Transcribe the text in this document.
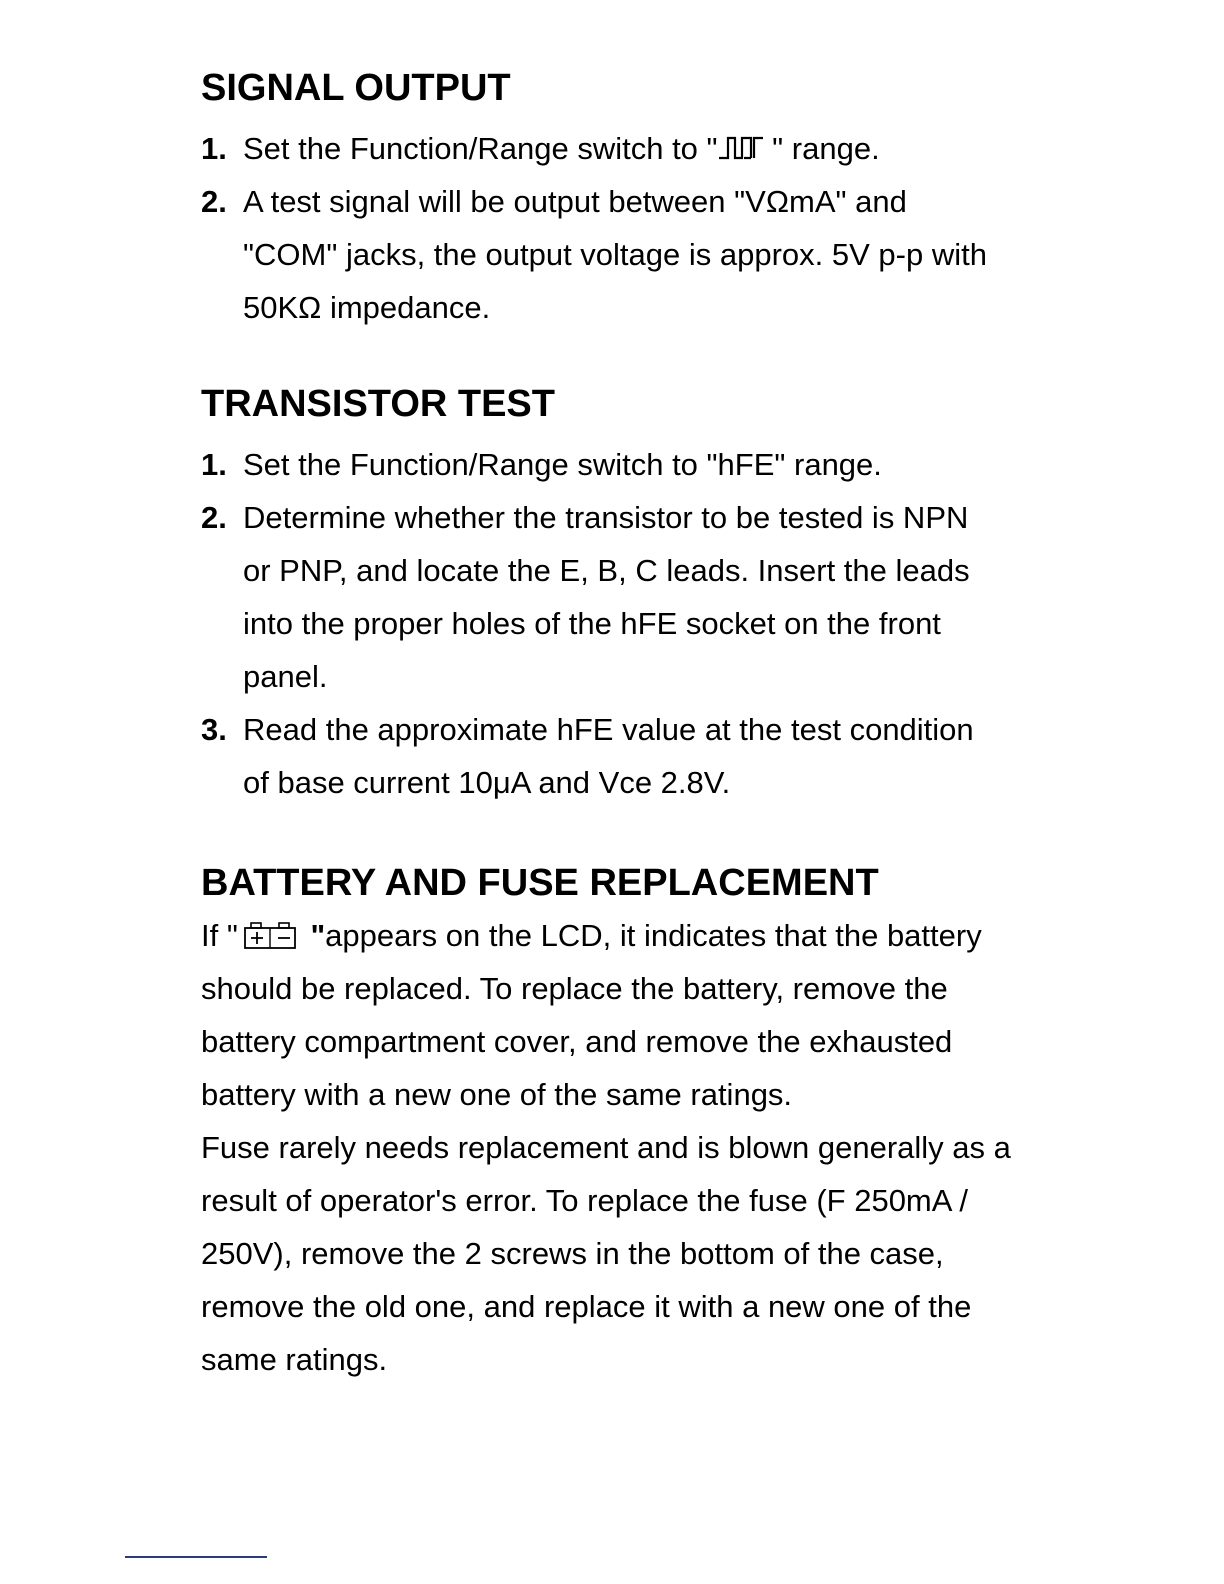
SIGNAL OUTPUT
1. Set the Function/Range switch to " " range.
2. A test signal will be output between "VΩmA" and "COM" jacks, the output voltage is approx. 5V p-p with 50KΩ impedance.
TRANSISTOR TEST
1. Set the Function/Range switch to "hFE" range.
2. Determine whether the transistor to be tested is NPN or PNP, and locate the E, B, C leads. Insert the leads into the proper holes of the hFE socket on the front panel.
3. Read the approximate hFE value at the test condition of base current 10μA and Vce 2.8V.
BATTERY AND FUSE REPLACEMENT

If " "appears on the LCD, it indicates that the battery should be replaced. To replace the battery, remove the battery compartment cover, and remove the exhausted battery with a new one of the same ratings.

Fuse rarely needs replacement and is blown generally as a result of operator's error. To replace the fuse (F 250mA / 250V), remove the 2 screws in the bottom of the case, remove the old one, and replace it with a new one of the same ratings.
